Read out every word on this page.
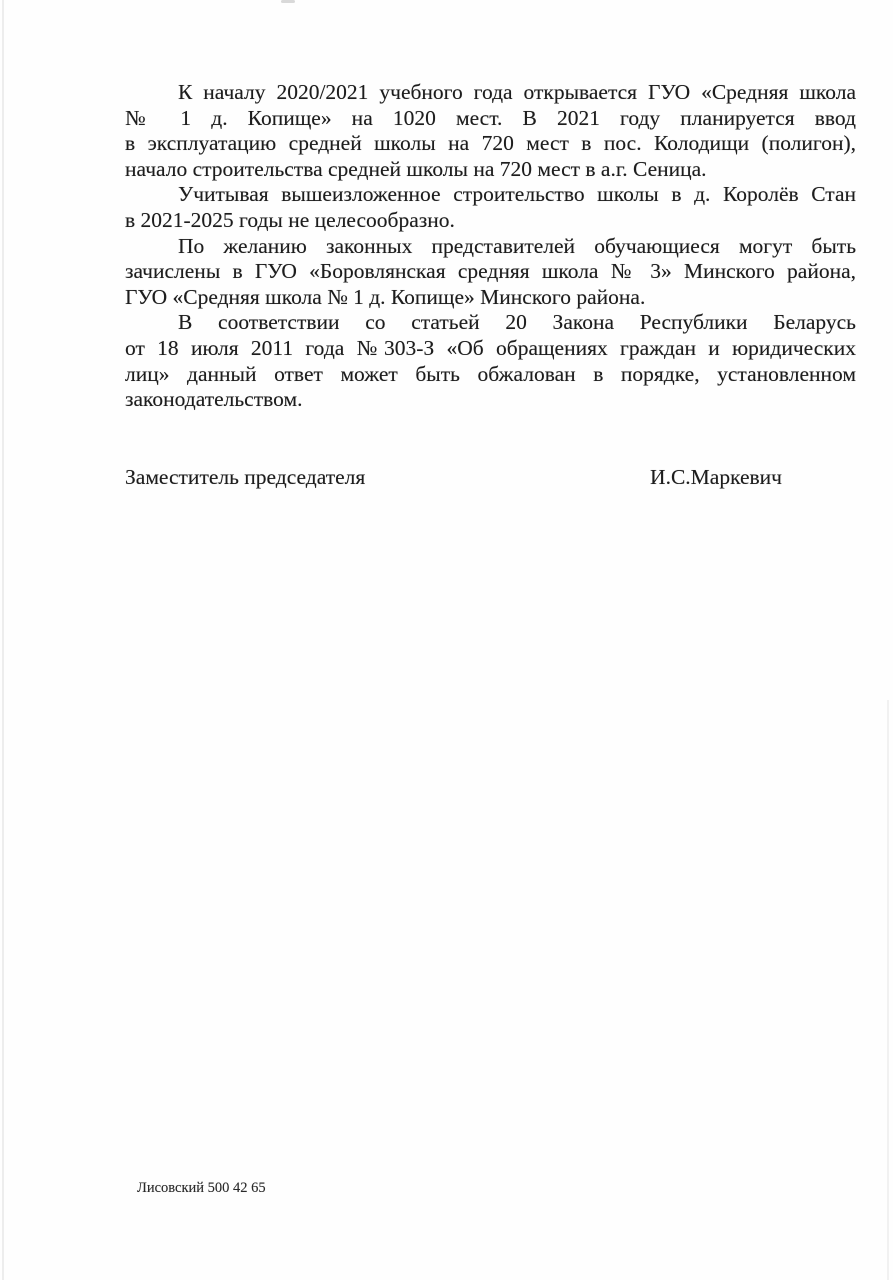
К началу 2020/2021 учебного года открывается ГУО «Средняя школа
№ 1 д. Копище» на 1020 мест. В 2021 году планируется ввод
в эксплуатацию средней школы на 720 мест в пос. Колодищи (полигон),
начало строительства средней школы на 720 мест в а.г. Сеница.
Учитывая вышеизложенное строительство школы в д. Королёв Стан
в 2021-2025 годы не целесообразно.
По желанию законных представителей обучающиеся могут быть
зачислены в ГУО «Боровлянская средняя школа № 3» Минского района,
ГУО «Средняя школа № 1 д. Копище» Минского района.
В соответствии со статьей 20 Закона Республики Беларусь
от 18 июля 2011 года №303-З «Об обращениях граждан и юридических
лиц» данный ответ может быть обжалован в порядке, установленном
законодательством.
Заместитель председателя	И.С.Маркевич
Лисовский 500 42 65
